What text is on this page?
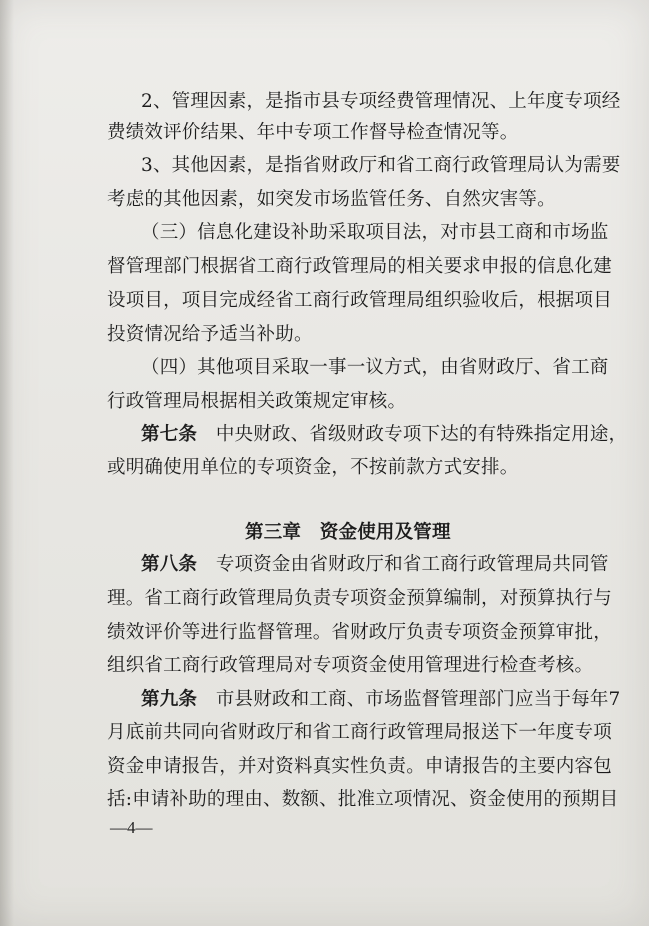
2、管理因素，是指市县专项经费管理情况、上年度专项经
费绩效评价结果、年中专项工作督导检查情况等。
3、其他因素，是指省财政厅和省工商行政管理局认为需要
考虑的其他因素，如突发市场监管任务、自然灾害等。
（三）信息化建设补助采取项目法，对市县工商和市场监
督管理部门根据省工商行政管理局的相关要求申报的信息化建
设项目，项目完成经省工商行政管理局组织验收后，根据项目
投资情况给予适当补助。
（四）其他项目采取一事一议方式，由省财政厅、省工商
行政管理局根据相关政策规定审核。
第七条　 中央财政、省级财政专项下达的有特殊指定用途，
或明确使用单位的专项资金，不按前款方式安排。
第三章　资金使用及管理
第八条　 专项资金由省财政厅和省工商行政管理局共同管
理。省工商行政管理局负责专项资金预算编制，对预算执行与
绩效评价等进行监督管理。省财政厅负责专项资金预算审批，
组织省工商行政管理局对专项资金使用管理进行检查考核。
第九条　 市县财政和工商、市场监督管理部门应当于每年7
月底前共同向省财政厅和省工商行政管理局报送下一年度专项
资金申请报告，并对资料真实性负责。申请报告的主要内容包
括:申请补助的理由、数额、批准立项情况、资金使用的预期目
—4—
